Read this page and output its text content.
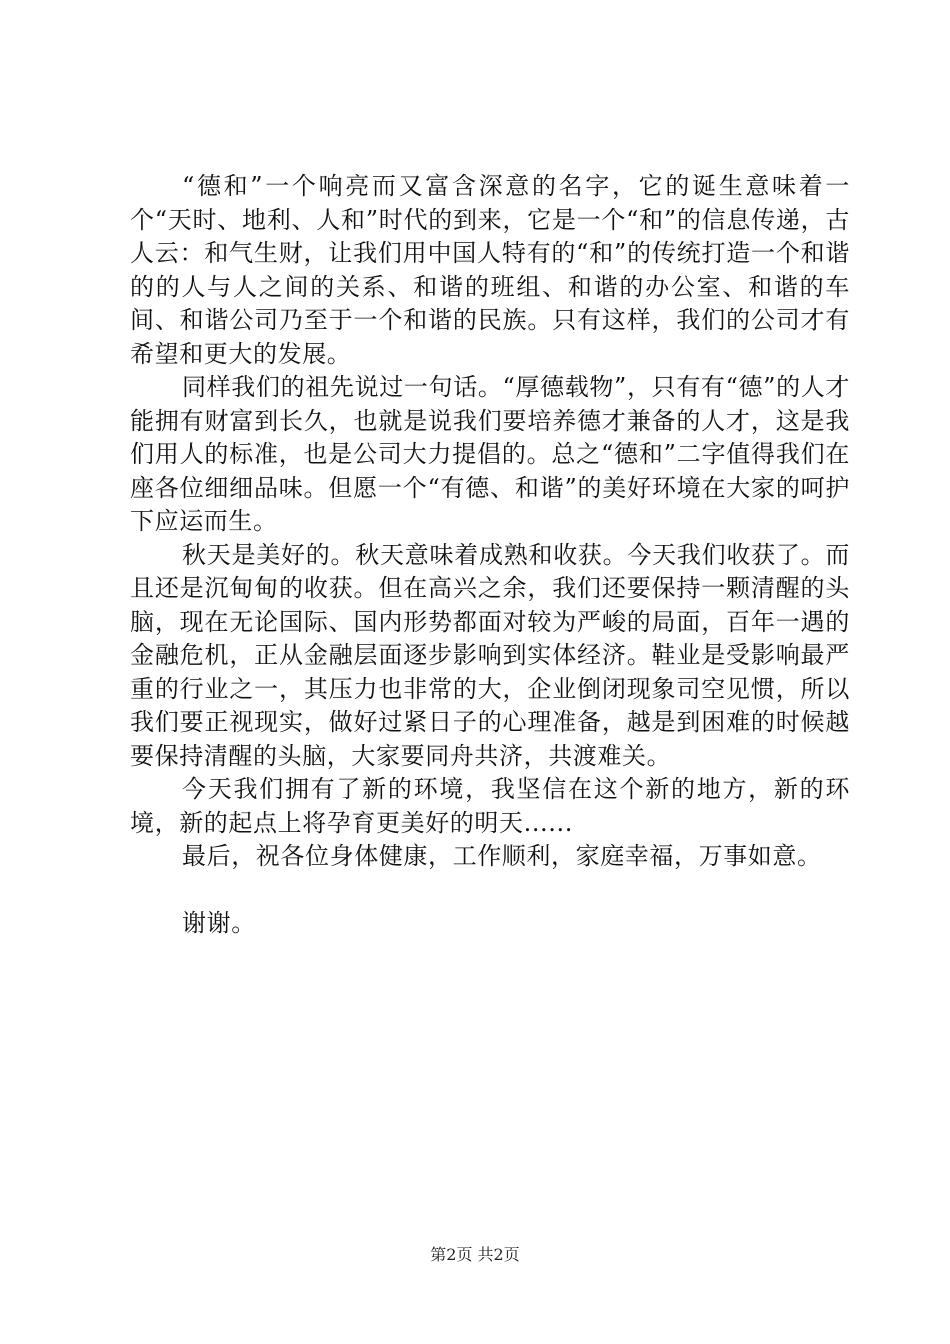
“德和”一个响亮而又富含深意的名字，它的诞生意味着一个“天时、地利、人和”时代的到来，它是一个“和”的信息传递，古人云：和气生财，让我们用中国人特有的“和”的传统打造一个和谐的的人与人之间的关系、和谐的班组、和谐的办公室、和谐的车间、和谐公司乃至于一个和谐的民族。只有这样，我们的公司才有希望和更大的发展。

同样我们的祖先说过一句话。“厚德载物”，只有有“德”的人才能拥有财富到长久，也就是说我们要培养德才兼备的人才，这是我们用人的标准，也是公司大力提倡的。总之“德和”二字值得我们在座各位细细品味。但愿一个“有德、和谐”的美好环境在大家的呵护下应运而生。

秋天是美好的。秋天意味着成熟和收获。今天我们收获了。而且还是沉甸甸的收获。但在高兴之余，我们还要保持一颗清醒的头脑，现在无论国际、国内形势都面对较为严峻的局面，百年一遇的金融危机，正从金融层面逐步影响到实体经济。鞋业是受影响最严重的行业之一，其压力也非常的大，企业倒闭现象司空见惯，所以我们要正视现实，做好过紧日子的心理准备，越是到困难的时候越要保持清醒的头脑，大家要同舟共济，共渡难关。

今天我们拥有了新的环境，我坚信在这个新的地方，新的环境，新的起点上将孕育更美好的明天......

最后，祝各位身体健康，工作顺利，家庭幸福，万事如意。

谢谢。

第2页 共2页
